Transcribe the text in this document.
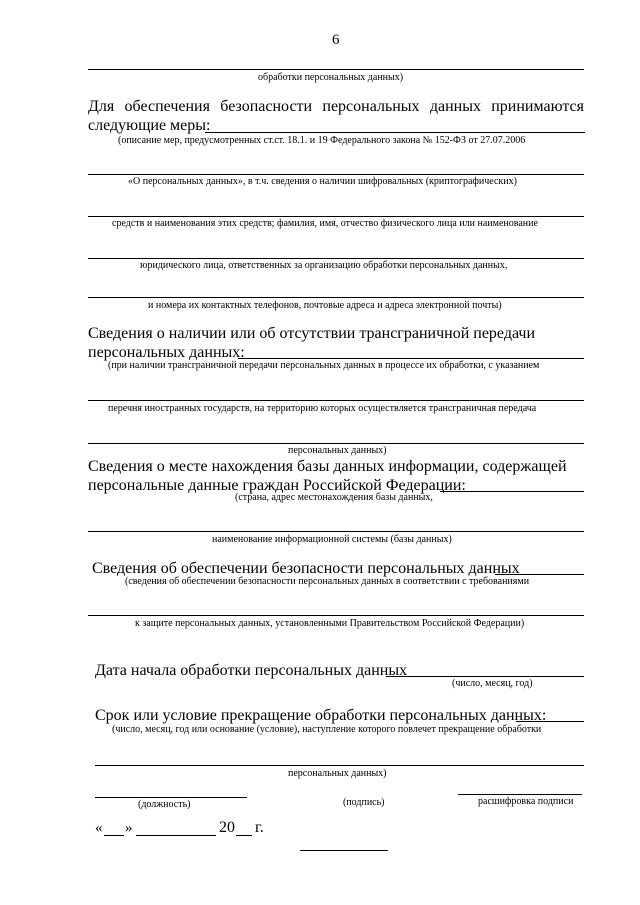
6
обработки персональных данных)
Для обеспечения безопасности персональных данных принимаются
следующие меры:
(описание мер, предусмотренных ст.ст. 18.1. и 19 Федерального закона № 152-ФЗ от 27.07.2006
«О персональных данных», в т.ч. сведения о наличии шифровальных (криптографических)
средств и наименования этих средств; фамилия, имя, отчество физического лица или наименование
юридического лица, ответственных за организацию обработки персональных данных,
и номера их контактных телефонов, почтовые адреса и адреса электронной почты)
Сведения о наличии или об отсутствии трансграничной передачи
персональных данных:
(при наличии трансграничной передачи персональных данных в процессе их обработки, с указанием
перечня иностранных государств, на территорию которых осуществляется трансграничная передача
персональных данных)
Сведения о месте нахождения базы данных информации, содержащей
персональные данные граждан Российской Федерации:
(страна, адрес местонахождения базы данных,
наименование информационной системы (базы данных)
Сведения об обеспечении безопасности персональных данных
(сведения об обеспечении безопасности персональных данных в соответствии с требованиями
к защите персональных данных, установленными Правительством Российской Федерации)
Дата начала обработки персональных данных
(число, месяц, год)
Срок или условие прекращение обработки персональных данных:
(число, месяц, год или основание (условие), наступление которого повлечет прекращение обработки
персональных данных)
(должность)	(подпись)	расшифровка подписи
« »	20 г.
